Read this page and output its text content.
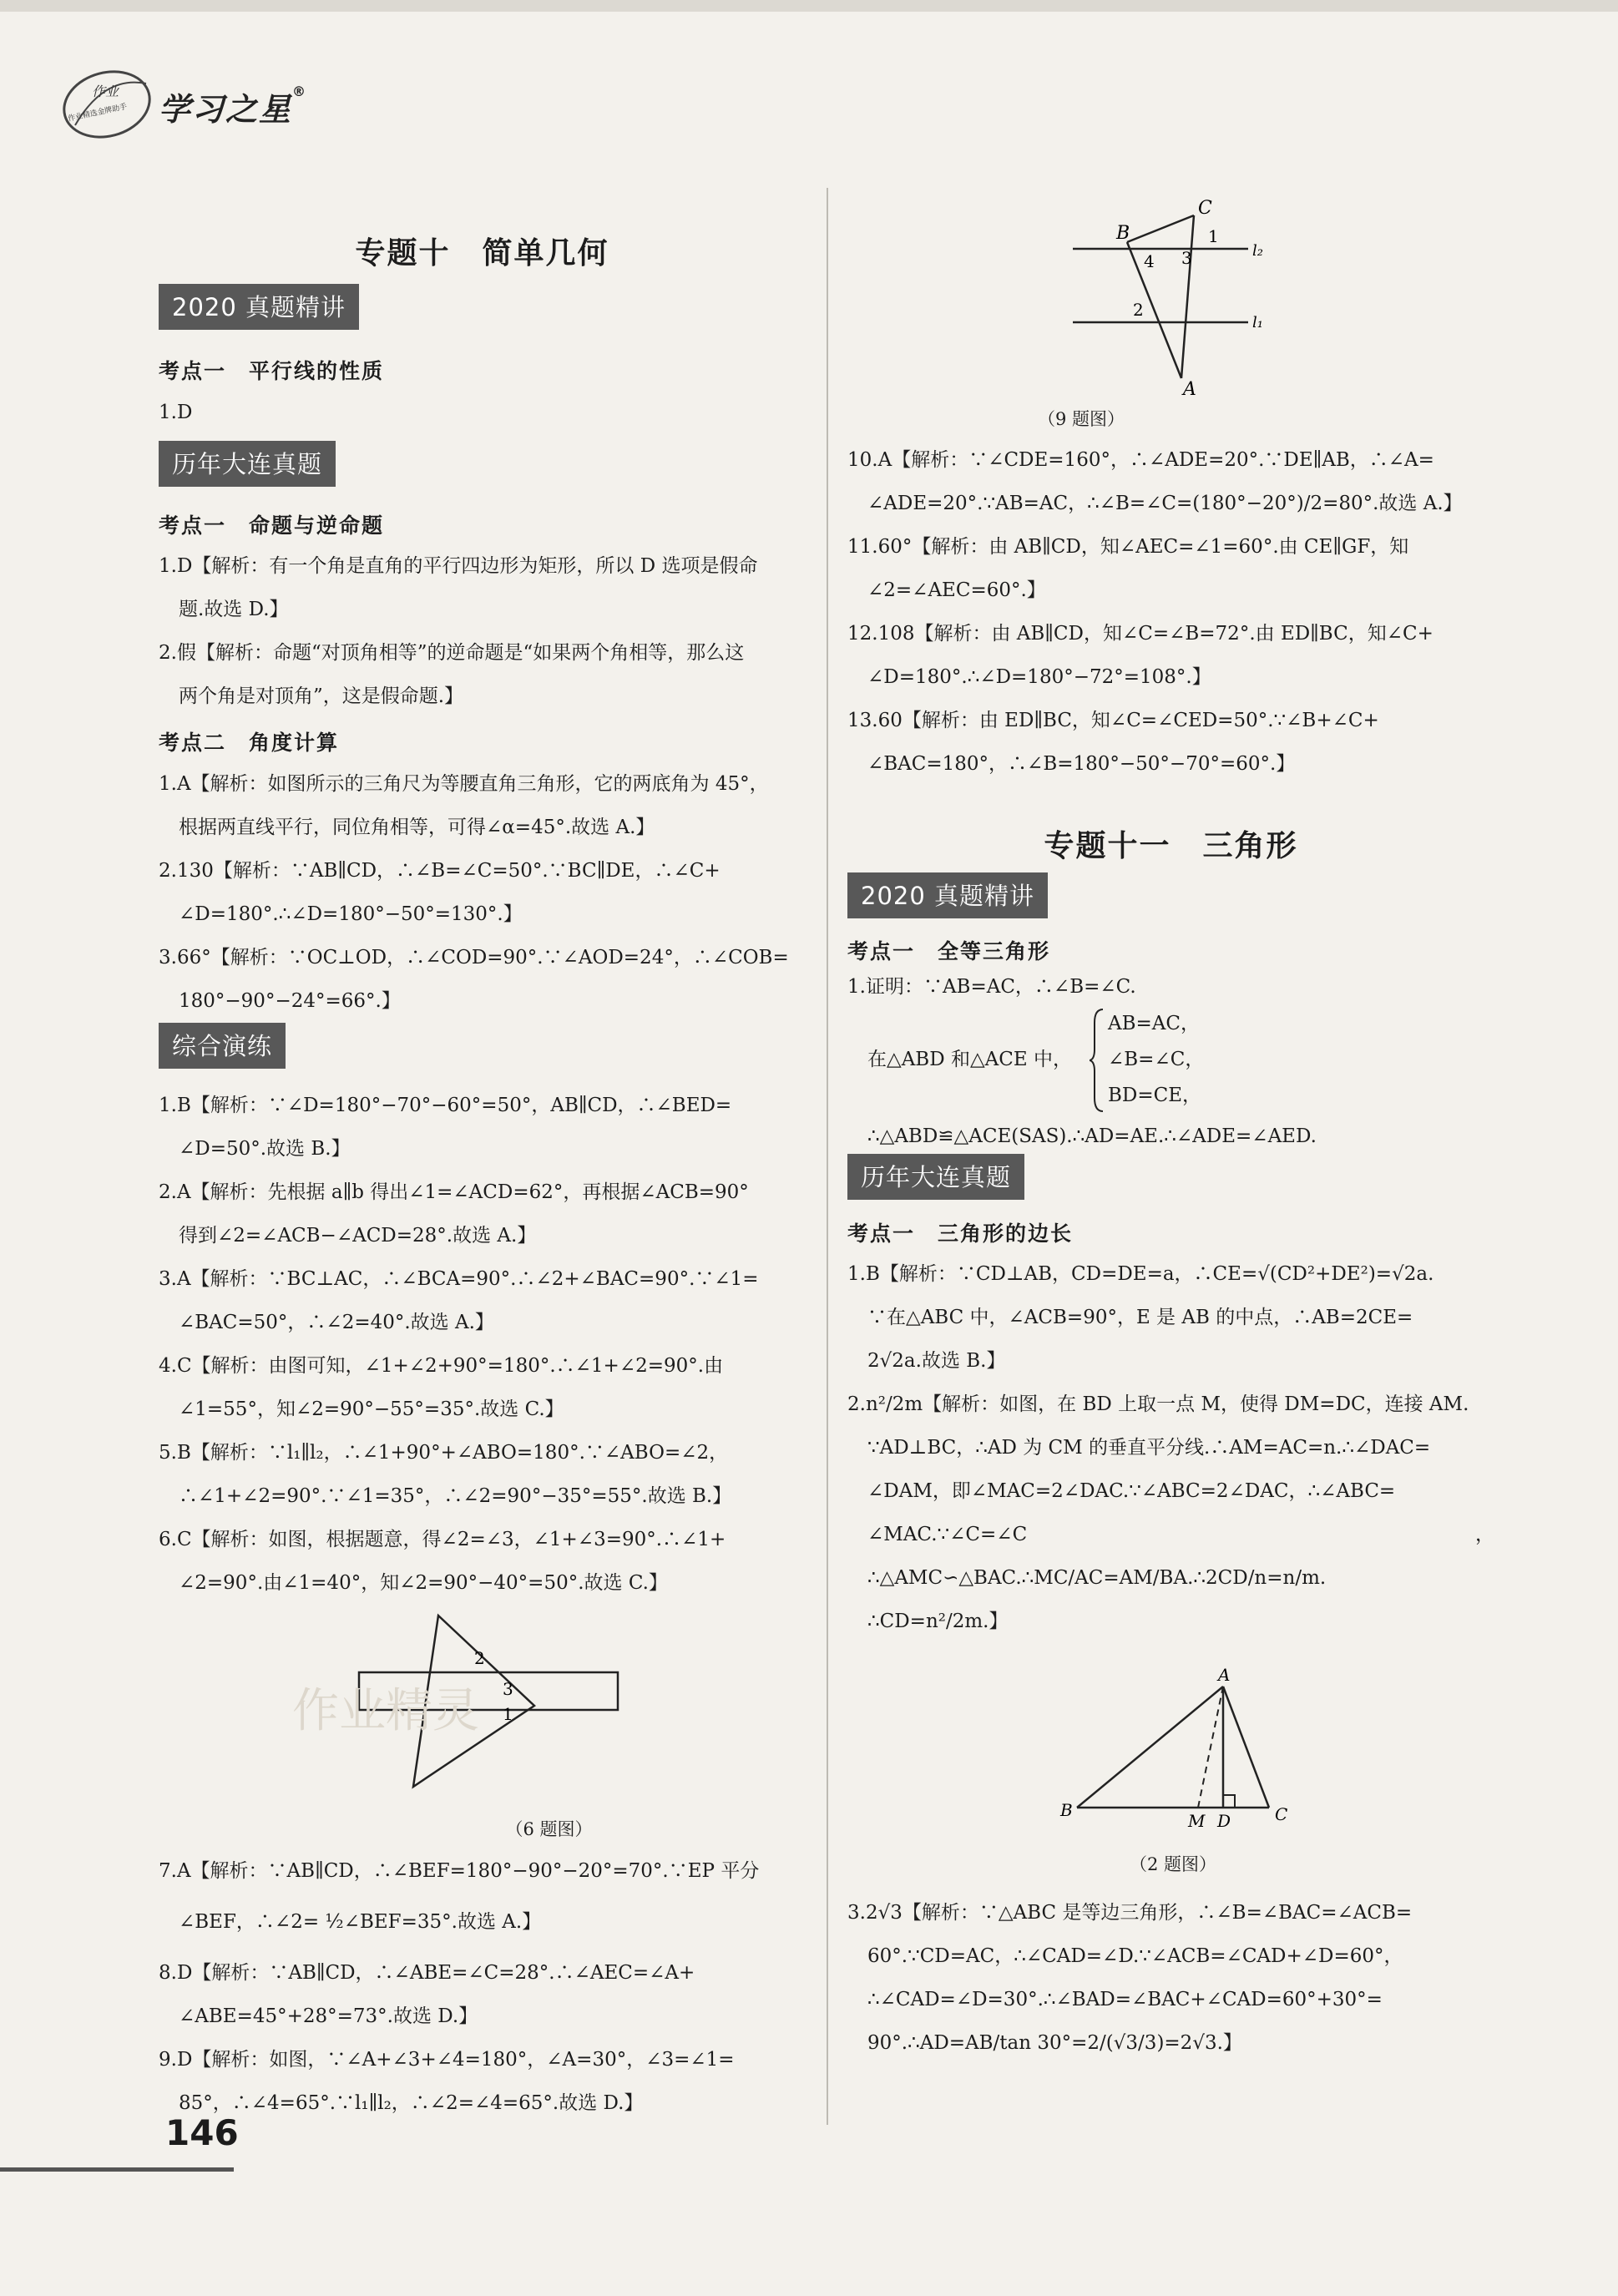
作业
作业精选金牌助手 学习之星®
专题十　简单几何
2020 真题精讲
考点一　平行线的性质
1.D
历年大连真题
考点一　命题与逆命题

1.D【解析：有一个角是直角的平行四边形为矩形，所以 D 选项是假命

题.故选 D.】

2.假【解析：命题“对顶角相等”的逆命题是“如果两个角相等，那么这

两个角是对顶角”，这是假命题.】

考点二　角度计算

1.A【解析：如图所示的三角尺为等腰直角三角形，它的两底角为 45°，

根据两直线平行，同位角相等，可得∠α=45°.故选 A.】

2.130【解析：∵AB∥CD，∴∠B=∠C=50°.∵BC∥DE，∴∠C+

∠D=180°.∴∠D=180°−50°=130°.】

3.66°【解析：∵OC⊥OD，∴∠COD=90°.∵∠AOD=24°，∴∠COB=

180°−90°−24°=66°.】

综合演练

1.B【解析：∵∠D=180°−70°−60°=50°，AB∥CD，∴∠BED=

∠D=50°.故选 B.】

2.A【解析：先根据 a∥b 得出∠1=∠ACD=62°，再根据∠ACB=90°

得到∠2=∠ACB−∠ACD=28°.故选 A.】

3.A【解析：∵BC⊥AC，∴∠BCA=90°.∴∠2+∠BAC=90°.∵∠1=

∠BAC=50°，∴∠2=40°.故选 A.】

4.C【解析：由图可知，∠1+∠2+90°=180°.∴∠1+∠2=90°.由

∠1=55°，知∠2=90°−55°=35°.故选 C.】

5.B【解析：∵l₁∥l₂，∴∠1+90°+∠ABO=180°.∵∠ABO=∠2，

∴∠1+∠2=90°.∵∠1=35°，∴∠2=90°−35°=55°.故选 B.】

6.C【解析：如图，根据题意，得∠2=∠3，∠1+∠3=90°.∴∠1+

∠2=90°.由∠1=40°，知∠2=90°−40°=50°.故选 C.】

2
3
1
（6 题图）
作业精灵

7.A【解析：∵AB∥CD，∴∠BEF=180°−90°−20°=70°.∵EP 平分

∠BEF，∴∠2= ½∠BEF=35°.故选 A.】

8.D【解析：∵AB∥CD，∴∠ABE=∠C=28°.∴∠AEC=∠A+

∠ABE=45°+28°=73°.故选 D.】

9.D【解析：如图，∵∠A+∠3+∠4=180°，∠A=30°，∠3=∠1=

85°，∴∠4=65°.∵l₁∥l₂，∴∠2=∠4=65°.故选 D.】

B
C
A
1
2
3
4
l₂
l₁
（9 题图）

10.A【解析：∵∠CDE=160°，∴∠ADE=20°.∵DE∥AB，∴∠A=

∠ADE=20°.∵AB=AC，∴∠B=∠C=(180°−20°)/2=80°.故选 A.】

11.60°【解析：由 AB∥CD，知∠AEC=∠1=60°.由 CE∥GF，知

∠2=∠AEC=60°.】

12.108【解析：由 AB∥CD，知∠C=∠B=72°.由 ED∥BC，知∠C+

∠D=180°.∴∠D=180°−72°=108°.】

13.60【解析：由 ED∥BC，知∠C=∠CED=50°.∵∠B+∠C+

∠BAC=180°，∴∠B=180°−50°−70°=60°.】

专题十一　三角形
2020 真题精讲
考点一　全等三角形

1.证明：∵AB=AC，∴∠B=∠C.

在△ABD 和△ACE 中，
AB=AC，
∠B=∠C，
BD=CE，

∴△ABD≌△ACE(SAS).∴AD=AE.∴∠ADE=∠AED.

历年大连真题
考点一　三角形的边长

1.B【解析：∵CD⊥AB，CD=DE=a，∴CE=√(CD²+DE²)=√2a.

∵在△ABC 中，∠ACB=90°，E 是 AB 的中点，∴AB=2CE=

2√2a.故选 B.】

2.n²/2m【解析：如图，在 BD 上取一点 M，使得 DM=DC，连接 AM.

∵AD⊥BC，∴AD 为 CM 的垂直平分线.∴AM=AC=n.∴∠DAC=

∠DAM，即∠MAC=2∠DAC.∵∠ABC=2∠DAC，∴∠ABC=

∠MAC.∵∠C=∠C，∴△AMC∽△BAC.∴MC/AC=AM/BA.∴2CD/n=n/m.

∴CD=n²/2m.】

A
B	C
D
M
（2 题图）

3.2√3【解析：∵△ABC 是等边三角形，∴∠B=∠BAC=∠ACB=

60°.∵CD=AC，∴∠CAD=∠D.∵∠ACB=∠CAD+∠D=60°，

∴∠CAD=∠D=30°.∴∠BAD=∠BAC+∠CAD=60°+30°=

90°.∴AD=AB/tan 30°=2/(√3/3)=2√3.】

146
